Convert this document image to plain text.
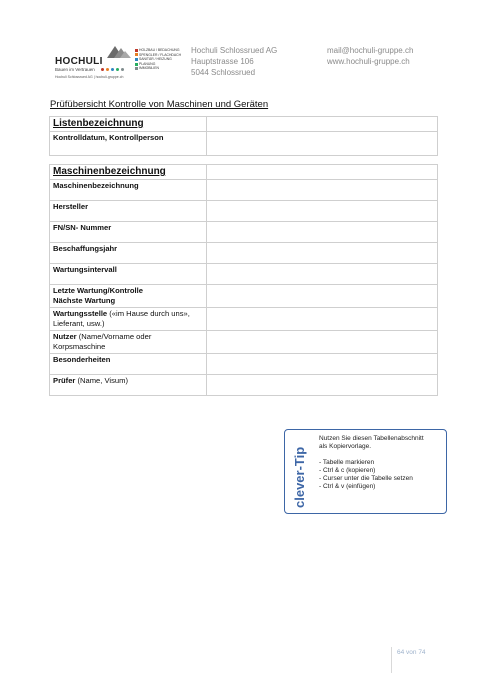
HOCHULI
Bauen im Vertrauen
Hochuli Schlossrued AG | hochuli-gruppe.ch
HOLZBAU / BEDACHUNG
SPENGLER / FLACHDACH
SANITÄR / HEIZUNG
PLANUNG
IMMOBILIEN
Hochuli Schlossrued AG
Hauptstrasse 106
5044 Schlossrued
mail@hochuli-gruppe.ch
www.hochuli-gruppe.ch
Prüfübersicht Kontrolle von Maschinen und Geräten
Listenbezeichnung	
Kontrolldatum, Kontrollperson	
Maschinenbezeichnung	
Maschinenbezeichnung	
Hersteller	
FN/SN- Nummer	
Beschaffungsjahr	
Wartungsintervall	

Letzte Wartung/Kontrolle
Nächste Wartung	

Wartungsstelle («im Hause durch uns», Lieferant, usw.)	
Nutzer (Name/Vorname oder Korpsmaschine	
Besonderheiten	
Prüfer (Name, Visum)	
clever-Tip
Nutzen Sie diesen Tabellenabschnitt
als Kopiervorlage.
- Tabelle markieren
- Ctrl & c (kopieren)
- Curser unter die Tabelle setzen
- Ctrl & v (einfügen)
64 von 74
